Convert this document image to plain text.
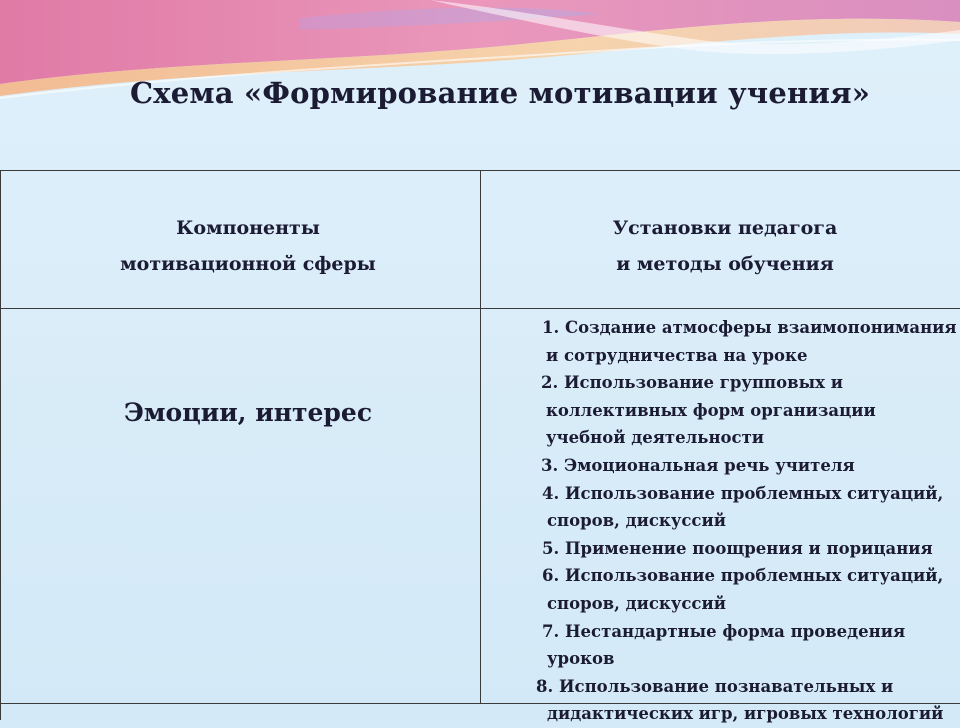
Схема «Формирование мотивации учения»
Компоненты
мотивационной сферы
Установки педагога
и методы обучения
Эмоции, интерес
1. Создание атмосферы взаимопонимания
и сотрудничества на уроке
2. Использование групповых и
коллективных форм организации
учебной деятельности
3. Эмоциональная речь учителя
4. Использование проблемных ситуаций,
споров, дискуссий
5. Применение поощрения и порицания
6. Использование проблемных ситуаций,
споров, дискуссий
7. Нестандартные форма проведения
уроков
8. Использование познавательных и
дидактических игр, игровых технологий
